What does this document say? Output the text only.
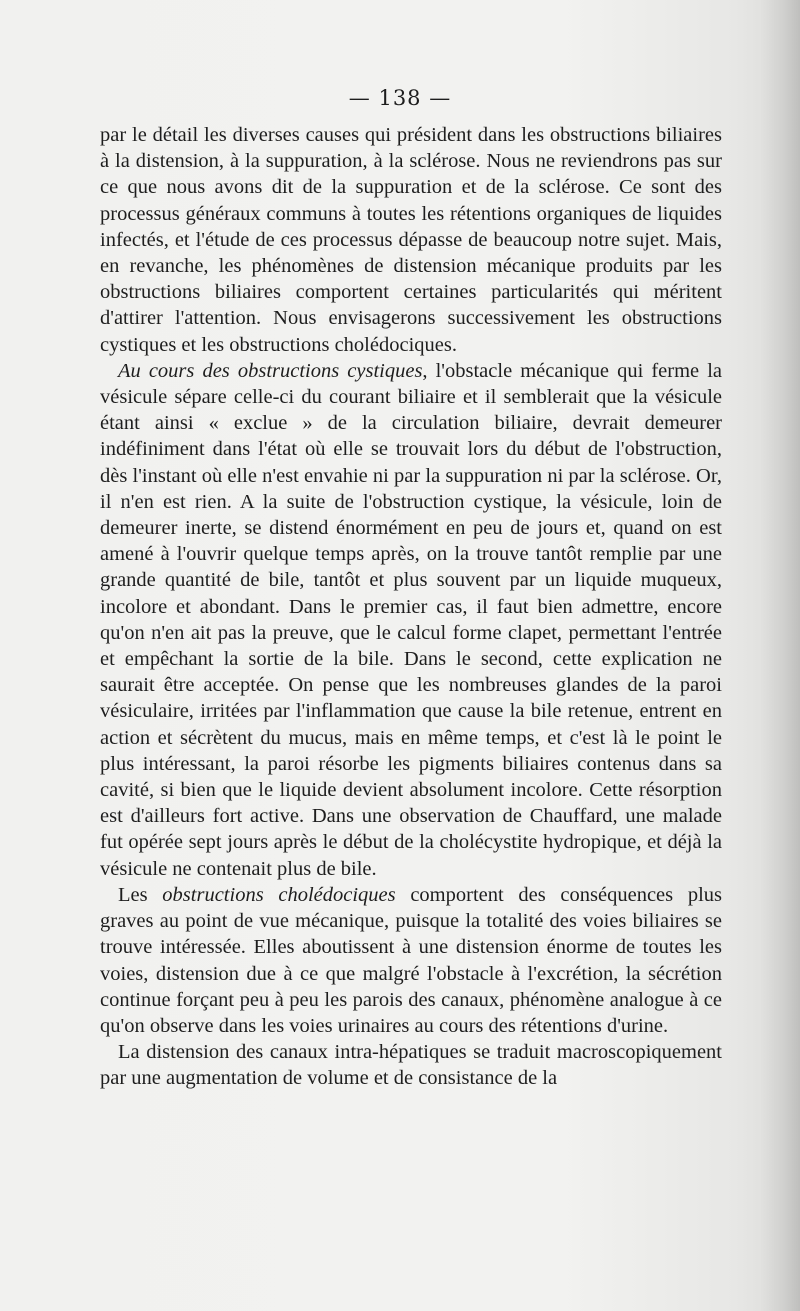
— 138 —

par le détail les diverses causes qui président dans les obstructions biliaires à la distension, à la suppuration, à la sclérose. Nous ne reviendrons pas sur ce que nous avons dit de la suppuration et de la sclérose. Ce sont des processus généraux communs à toutes les rétentions organiques de liquides infectés, et l'étude de ces processus dépasse de beaucoup notre sujet. Mais, en revanche, les phénomènes de distension mécanique produits par les obstructions biliaires comportent certaines particularités qui méritent d'attirer l'attention. Nous envisagerons successivement les obstructions cystiques et les obstructions cholédociques.

Au cours des obstructions cystiques, l'obstacle mécanique qui ferme la vésicule sépare celle-ci du courant biliaire et il semblerait que la vésicule étant ainsi « exclue » de la circulation biliaire, devrait demeurer indéfiniment dans l'état où elle se trouvait lors du début de l'obstruction, dès l'instant où elle n'est envahie ni par la suppuration ni par la sclérose. Or, il n'en est rien. A la suite de l'obstruction cystique, la vésicule, loin de demeurer inerte, se distend énormément en peu de jours et, quand on est amené à l'ouvrir quelque temps après, on la trouve tantôt remplie par une grande quantité de bile, tantôt et plus souvent par un liquide muqueux, incolore et abondant. Dans le premier cas, il faut bien admettre, encore qu'on n'en ait pas la preuve, que le calcul forme clapet, permettant l'entrée et empêchant la sortie de la bile. Dans le second, cette explication ne saurait être acceptée. On pense que les nombreuses glandes de la paroi vésiculaire, irritées par l'inflammation que cause la bile retenue, entrent en action et sécrètent du mucus, mais en même temps, et c'est là le point le plus intéressant, la paroi résorbe les pigments biliaires contenus dans sa cavité, si bien que le liquide devient absolument incolore. Cette résorption est d'ailleurs fort active. Dans une observation de Chauffard, une malade fut opérée sept jours après le début de la cholécystite hydropique, et déjà la vésicule ne contenait plus de bile.

Les obstructions cholédociques comportent des conséquences plus graves au point de vue mécanique, puisque la totalité des voies biliaires se trouve intéressée. Elles aboutissent à une distension énorme de toutes les voies, distension due à ce que malgré l'obstacle à l'excrétion, la sécrétion continue forçant peu à peu les parois des canaux, phénomène analogue à ce qu'on observe dans les voies urinaires au cours des rétentions d'urine.

La distension des canaux intra-hépatiques se traduit macroscopiquement par une augmentation de volume et de consistance de la
